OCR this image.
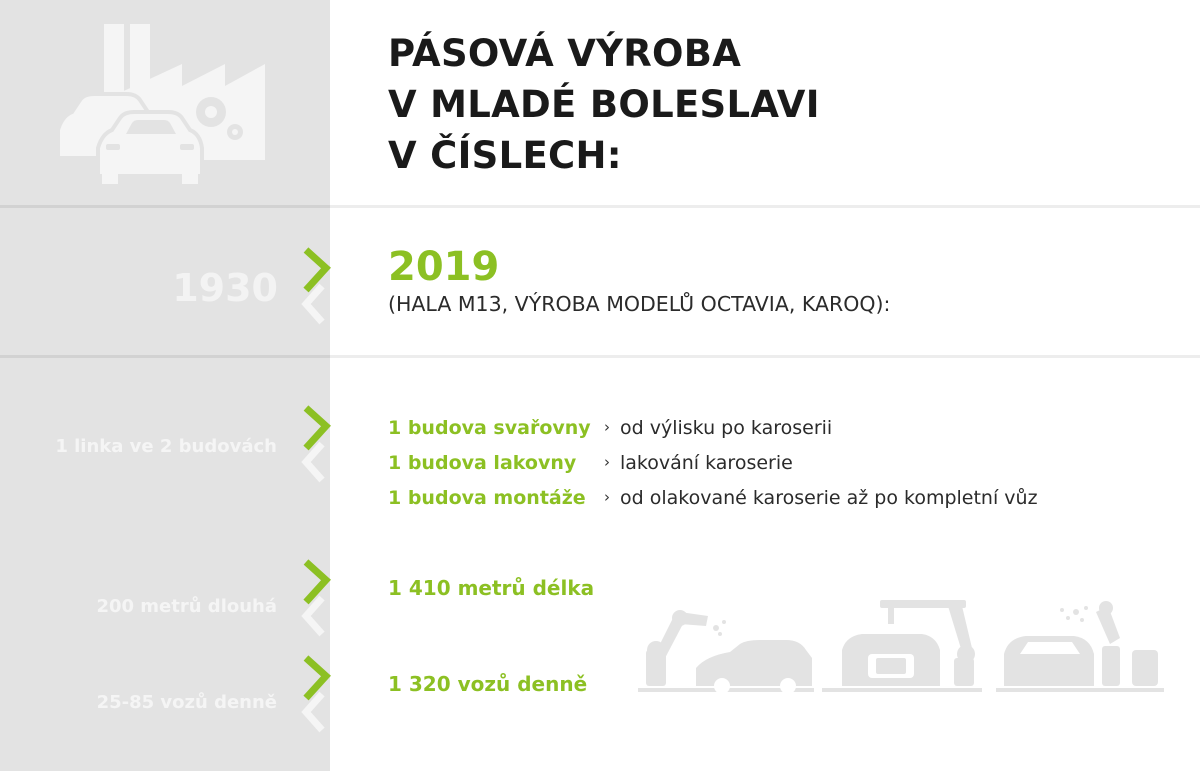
PÁSOVÁ VÝROBA
V MLADÉ BOLESLAVI
V ČÍSLECH:
1930	2019
(HALA M13, VÝROBA MODELŮ OCTAVIA, KAROQ):
1 linka ve 2 budovách
1 budova svařovny › od výlisku po karoserii
1 budova lakovny › lakování karoserie
1 budova montáže › od olakované karoserie až po kompletní vůz
200 metrů dlouhá
1 410 metrů délka
25-85 vozů denně
1 320 vozů denně
